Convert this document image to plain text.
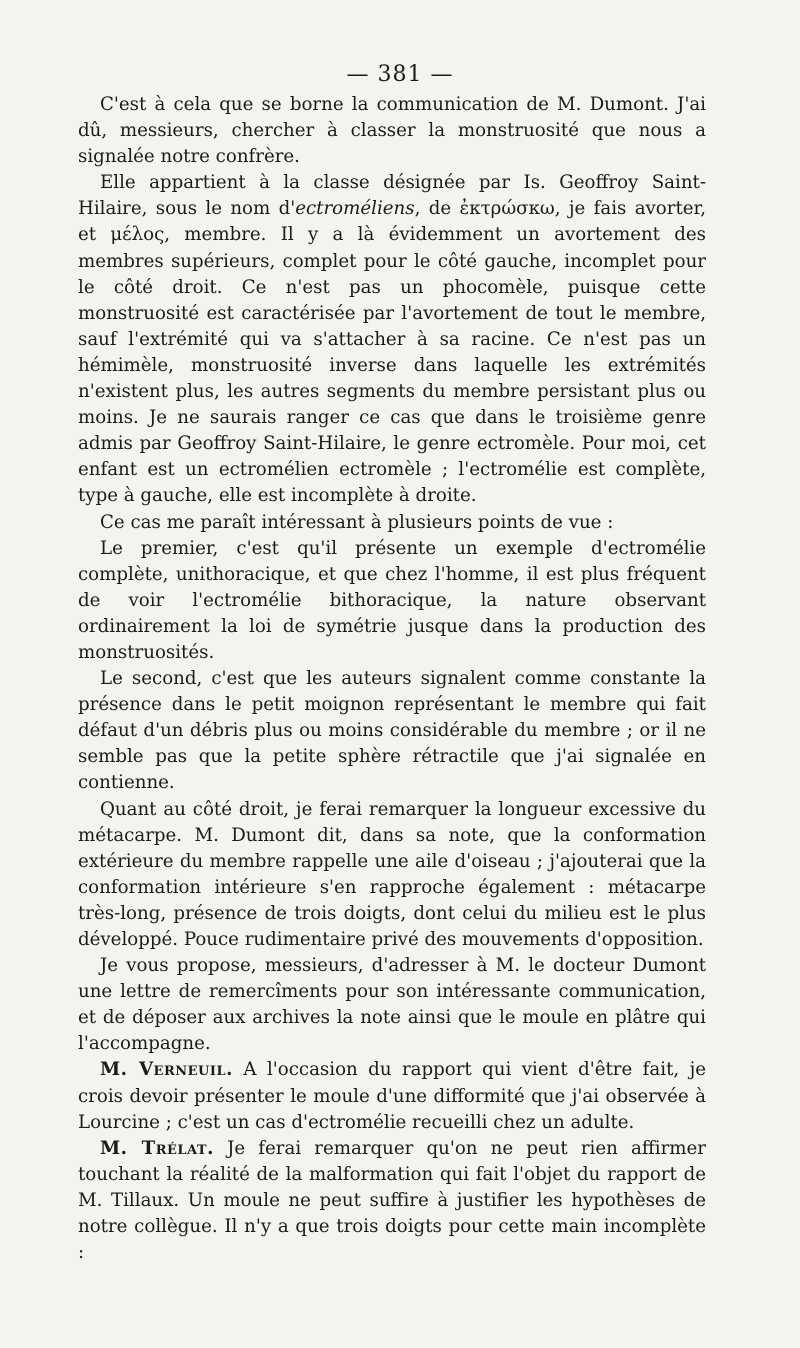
— 381 —

C'est à cela que se borne la communication de M. Dumont. J'ai dû, messieurs, chercher à classer la monstruosité que nous a signalée notre confrère.

Elle appartient à la classe désignée par Is. Geoffroy Saint-Hilaire, sous le nom d'ectroméliens, de ἐκτρώσκω, je fais avorter, et μέλος, membre. Il y a là évidemment un avortement des membres supérieurs, complet pour le côté gauche, incomplet pour le côté droit. Ce n'est pas un phocomèle, puisque cette monstruosité est caractérisée par l'avortement de tout le membre, sauf l'extrémité qui va s'attacher à sa racine. Ce n'est pas un hémimèle, monstruosité inverse dans laquelle les extrémités n'existent plus, les autres segments du membre persistant plus ou moins. Je ne saurais ranger ce cas que dans le troisième genre admis par Geoffroy Saint-Hilaire, le genre ectromèle. Pour moi, cet enfant est un ectromélien ectromèle ; l'ectromélie est complète, type à gauche, elle est incomplète à droite.

Ce cas me paraît intéressant à plusieurs points de vue :

Le premier, c'est qu'il présente un exemple d'ectromélie complète, unithoracique, et que chez l'homme, il est plus fréquent de voir l'ectromélie bithoracique, la nature observant ordinairement la loi de symétrie jusque dans la production des monstruosités.

Le second, c'est que les auteurs signalent comme constante la présence dans le petit moignon représentant le membre qui fait défaut d'un débris plus ou moins considérable du membre ; or il ne semble pas que la petite sphère rétractile que j'ai signalée en contienne.

Quant au côté droit, je ferai remarquer la longueur excessive du métacarpe. M. Dumont dit, dans sa note, que la conformation extérieure du membre rappelle une aile d'oiseau ; j'ajouterai que la conformation intérieure s'en rapproche également : métacarpe très-long, présence de trois doigts, dont celui du milieu est le plus développé. Pouce rudimentaire privé des mouvements d'opposition.

Je vous propose, messieurs, d'adresser à M. le docteur Dumont une lettre de remercîments pour son intéressante communication, et de déposer aux archives la note ainsi que le moule en plâtre qui l'accompagne.

M. Verneuil. A l'occasion du rapport qui vient d'être fait, je crois devoir présenter le moule d'une difformité que j'ai observée à Lourcine ; c'est un cas d'ectromélie recueilli chez un adulte.

M. Trélat. Je ferai remarquer qu'on ne peut rien affirmer touchant la réalité de la malformation qui fait l'objet du rapport de M. Tillaux. Un moule ne peut suffire à justifier les hypothèses de notre collègue. Il n'y a que trois doigts pour cette main incomplète :
